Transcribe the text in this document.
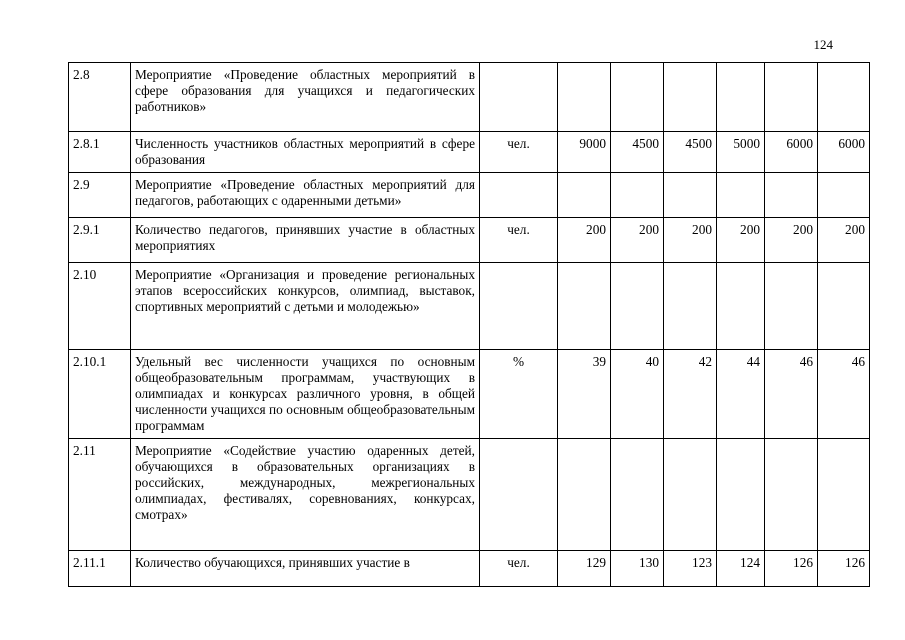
124
2.8	Мероприятие «Проведение областных мероприятий в сфере образования для учащихся и педагогических работников»							
2.8.1	Численность участников областных мероприятий в сфере образования	чел.	9000	4500	4500	5000	6000	6000
2.9	Мероприятие «Проведение областных мероприятий для педагогов, работающих с одаренными детьми»							
2.9.1	Количество педагогов, принявших участие в областных мероприятиях	чел.	200	200	200	200	200	200
2.10	Мероприятие «Организация и проведение региональных этапов всероссийских конкурсов, олимпиад, выставок, спортивных мероприятий с детьми и молодежью»							
2.10.1	Удельный вес численности учащихся по основным общеобразовательным программам, участвующих в олимпиадах и конкурсах различного уровня, в общей численности учащихся по основным общеобразовательным программам	%	39	40	42	44	46	46
2.11	Мероприятие «Содействие участию одаренных детей, обучающихся в образовательных организациях в российских, международных, межрегиональных олимпиадах, фестивалях, соревнованиях, конкурсах, смотрах»							
2.11.1	Количество обучающихся, принявших участие в	чел.	129	130	123	124	126	126
